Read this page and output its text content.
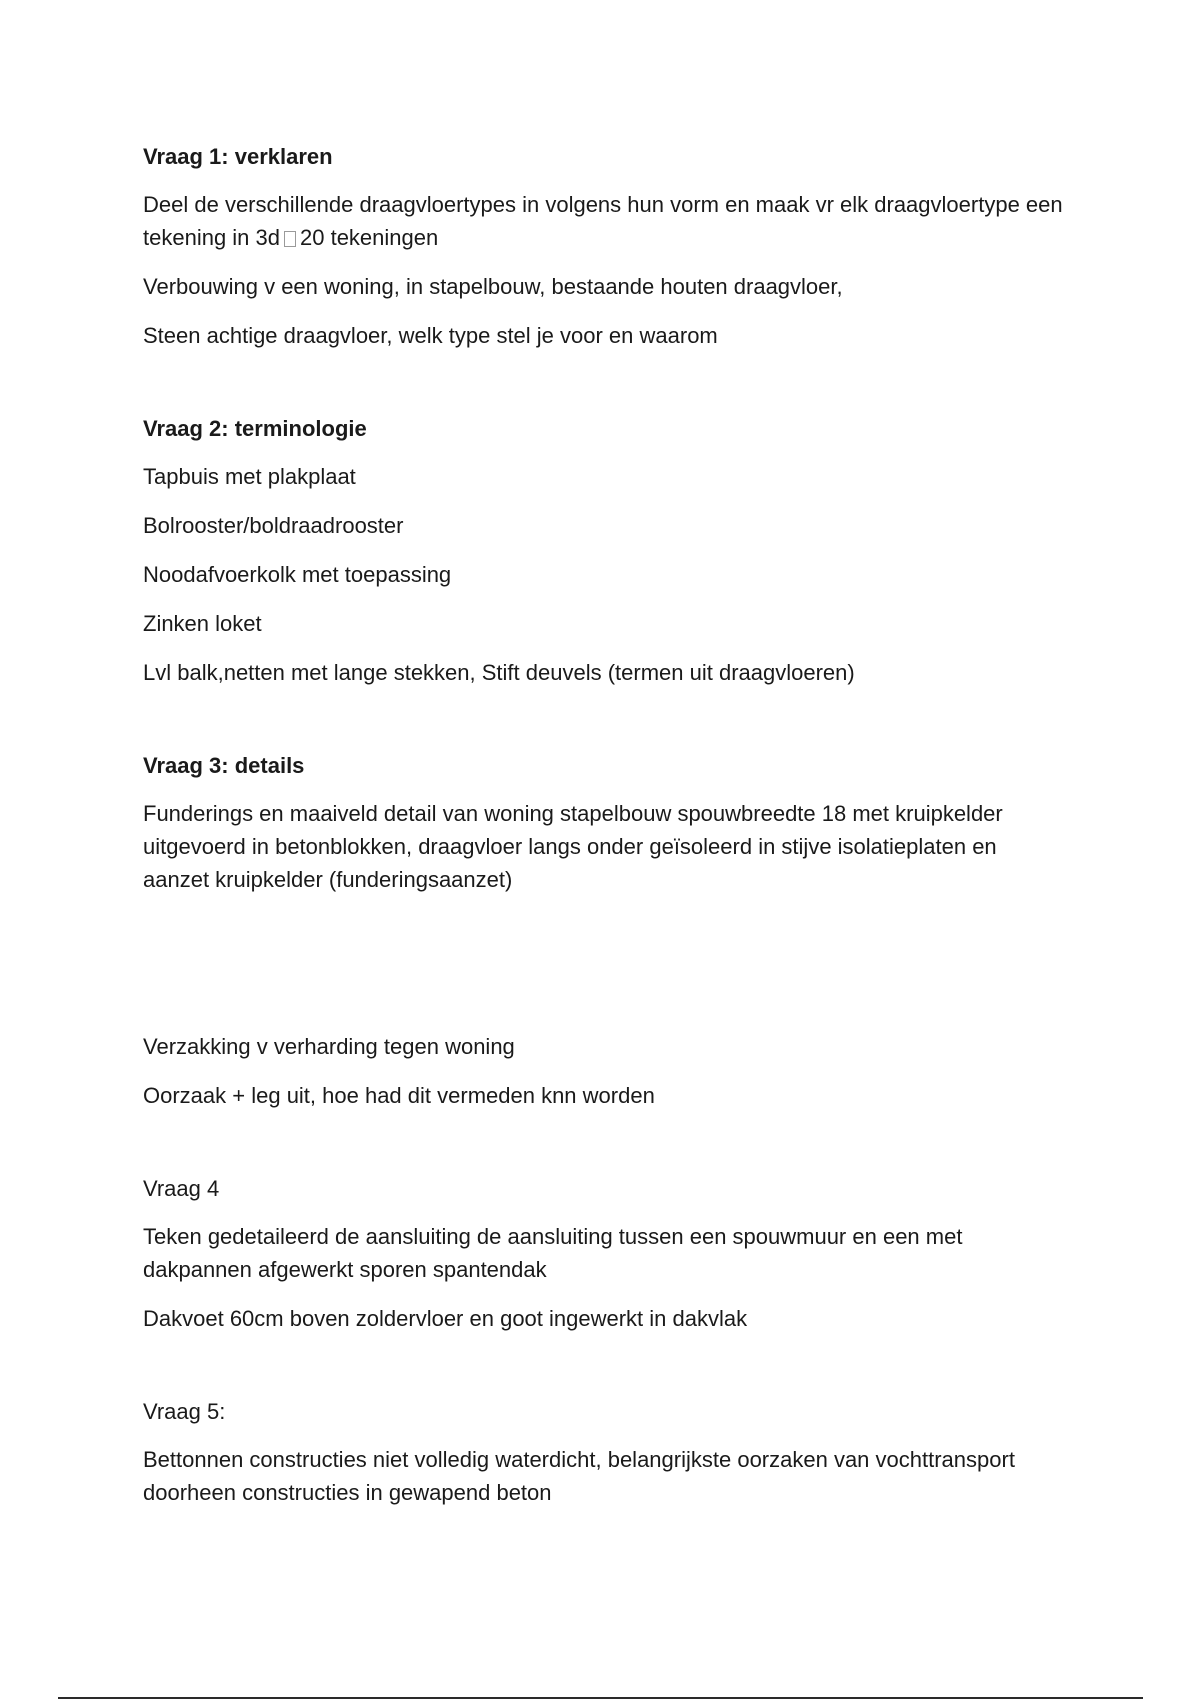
Vraag 1: verklaren

Deel de verschillende draagvloertypes in volgens hun vorm en maak vr elk draagvloertype een tekening in 3d 20 tekeningen

Verbouwing v een woning, in stapelbouw, bestaande houten draagvloer,

Steen achtige draagvloer, welk type stel je voor en waarom

Vraag 2: terminologie

Tapbuis met plakplaat

Bolrooster/boldraadrooster

Noodafvoerkolk met toepassing

Zinken loket

Lvl balk,netten met lange stekken, Stift deuvels (termen uit draagvloeren)

Vraag 3: details

Funderings en maaiveld detail van woning stapelbouw spouwbreedte 18 met kruipkelder uitgevoerd in betonblokken, draagvloer langs onder geïsoleerd in stijve isolatieplaten en aanzet kruipkelder (funderingsaanzet)

Verzakking v verharding tegen woning

Oorzaak + leg uit, hoe had dit vermeden knn worden

Vraag 4

Teken gedetaileerd de aansluiting de aansluiting tussen een spouwmuur en een met dakpannen afgewerkt sporen spantendak

Dakvoet 60cm boven zoldervloer en goot ingewerkt in dakvlak

Vraag 5:

Bettonnen constructies niet volledig waterdicht, belangrijkste oorzaken van vochttransport doorheen constructies in gewapend beton
